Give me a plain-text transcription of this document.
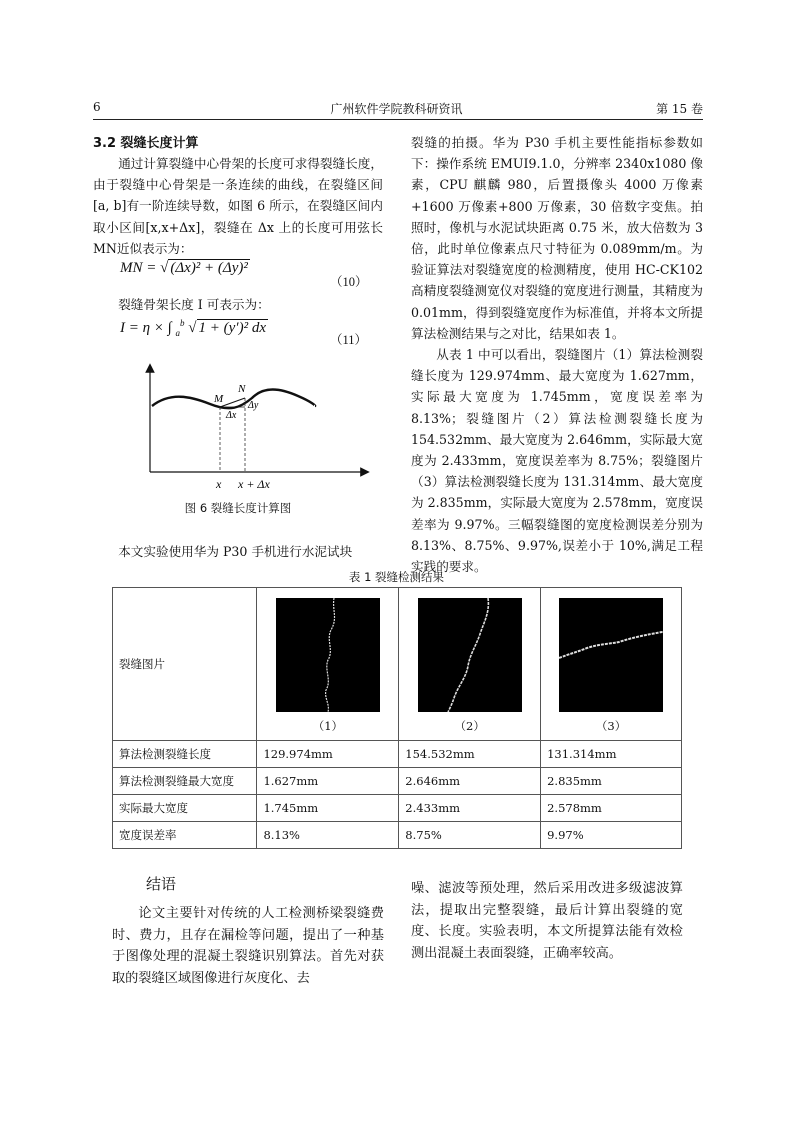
6	广州软件学院教科研资讯	第 15 卷
3.2 裂缝长度计算

通过计算裂缝中心骨架的长度可求得裂缝长度，由于裂缝中心骨架是一条连续的曲线，在裂缝区间[a, b]有一阶连续导数，如图 6 所示，在裂缝区间内取小区间[x,x+Δx]，裂缝在 Δx 上的长度可用弦长MN近似表示为：

MN = √ (Δx)² + (Δy)²
（10）

裂缝骨架长度 I 可表示为：

I = η × ∫ $_a^b$ √ 1 + (y′)² dx
（11）
M
N
Δx
Δy
x x + Δx
图 6 裂缝长度计算图

本文实验使用华为 P30 手机进行水泥试块

裂缝的拍摄。华为 P30 手机主要性能指标参数如下：操作系统 EMUI9.1.0，分辨率 2340x1080 像素，CPU 麒麟 980，后置摄像头 4000 万像素+1600 万像素+800 万像素，30 倍数字变焦。拍照时，像机与水泥试块距离 0.75 米，放大倍数为 3 倍，此时单位像素点尺寸特征为 0.089mm/m。为验证算法对裂缝宽度的检测精度，使用 HC-CK102 高精度裂缝测宽仪对裂缝的宽度进行测量，其精度为 0.01mm，得到裂缝宽度作为标准值，并将本文所提算法检测结果与之对比，结果如表 1。

从表 1 中可以看出，裂缝图片（1）算法检测裂缝长度为 129.974mm、最大宽度为 1.627mm，实际最大宽度为 1.745mm，宽度误差率为 8.13%；裂缝图片（2）算法检测裂缝长度为 154.532mm、最大宽度为 2.646mm，实际最大宽度为 2.433mm，宽度误差率为 8.75%；裂缝图片（3）算法检测裂缝长度为 131.314mm、最大宽度为 2.835mm，实际最大宽度为 2.578mm，宽度误差率为 9.97%。三幅裂缝图的宽度检测误差分别为 8.13%、8.75%、9.97%,误差小于 10%,满足工程实践的要求。

表 1 裂缝检测结果
裂缝图片	（1）	（2）	（3）

算法检测裂缝长度	129.974mm	154.532mm	131.314mm
算法检测裂缝最大宽度	1.627mm	2.646mm	2.835mm
实际最大宽度	1.745mm	2.433mm	2.578mm
宽度误差率	8.13%	8.75%	9.97%
结语

论文主要针对传统的人工检测桥梁裂缝费时、费力，且存在漏检等问题，提出了一种基于图像处理的混凝土裂缝识别算法。首先对获取的裂缝区域图像进行灰度化、去

噪、滤波等预处理，然后采用改进多级滤波算法，提取出完整裂缝，最后计算出裂缝的宽度、长度。实验表明，本文所提算法能有效检测出混凝土表面裂缝，正确率较高。
